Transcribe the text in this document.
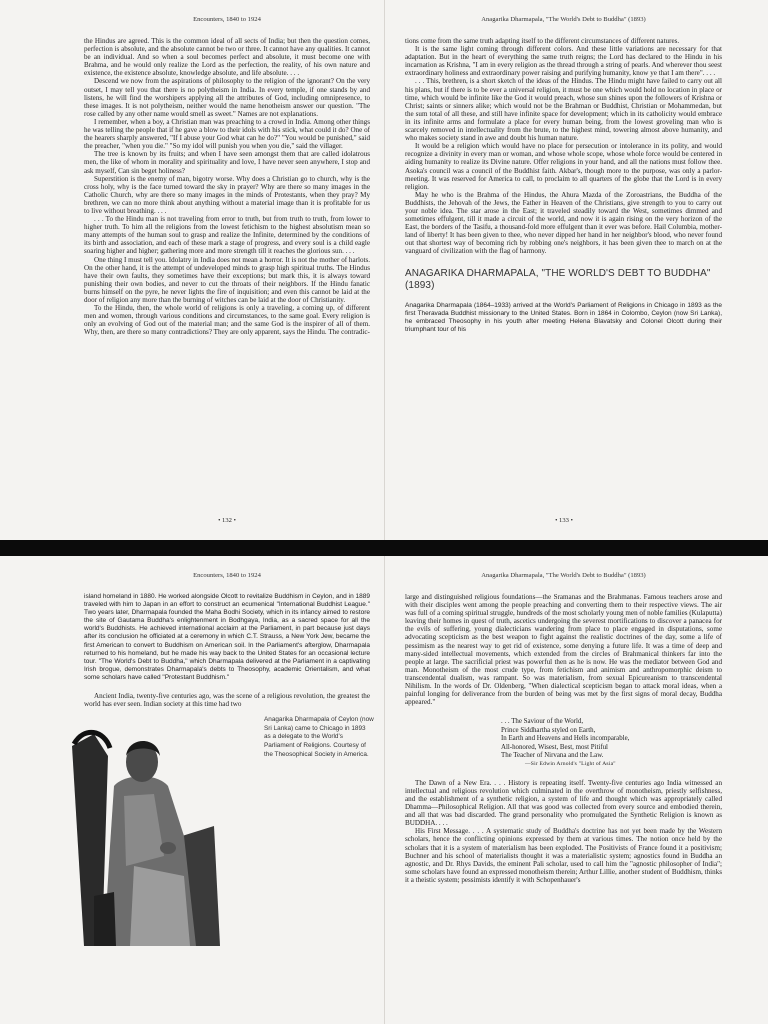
Encounters, 1840 to 1924

the Hindus are agreed. This is the common ideal of all sects of India; but then the question comes, perfection is absolute, and the absolute cannot be two or three. It cannot have any qualities. It cannot be an individual. And so when a soul becomes perfect and absolute, it must become one with Brahma, and he would only realize the Lord as the perfection, the reality, of his own nature and existence, the existence absolute, knowledge absolute, and life absolute. . . .

Descend we now from the aspirations of philosophy to the religion of the ignorant? On the very outset, I may tell you that there is no polytheism in India. In every temple, if one stands by and listens, he will find the worshipers applying all the attributes of God, including omnipresence, to these images. It is not polytheism, neither would the name henotheism answer our question. "The rose called by any other name would smell as sweet." Names are not explanations.

I remember, when a boy, a Christian man was preaching to a crowd in India. Among other things he was telling the people that if he gave a blow to their idols with his stick, what could it do? One of the hearers sharply answered, "If I abuse your God what can he do?" "You would be punished," said the preacher, "when you die." "So my idol will punish you when you die," said the villager.

The tree is known by its fruits; and when I have seen amongst them that are called idolatrous men, the like of whom in morality and spirituality and love, I have never seen anywhere, I stop and ask myself, Can sin beget holiness?

Superstition is the enemy of man, bigotry worse. Why does a Christian go to church, why is the cross holy, why is the face turned toward the sky in prayer? Why are there so many images in the Catholic Church, why are there so many images in the minds of Protestants, when they pray? My brethren, we can no more think about anything without a material image than it is profitable for us to live without breathing. . . .

. . . To the Hindu man is not traveling from error to truth, but from truth to truth, from lower to higher truth. To him all the religions from the lowest fetichism to the highest absolutism mean so many attempts of the human soul to grasp and realize the Infinite, determined by the conditions of its birth and association, and each of these mark a stage of progress, and every soul is a child eagle soaring higher and higher; gathering more and more strength till it reaches the glorious sun. . . .

One thing I must tell you. Idolatry in India does not mean a horror. It is not the mother of harlots. On the other hand, it is the attempt of undeveloped minds to grasp high spiritual truths. The Hindus have their own faults, they sometimes have their exceptions; but mark this, it is always toward punishing their own bodies, and never to cut the throats of their neighbors. If the Hindu fanatic burns himself on the pyre, he never lights the fire of inquisition; and even this cannot be laid at the door of religion any more than the burning of witches can be laid at the door of Christianity.

To the Hindu, then, the whole world of religions is only a traveling, a coming up, of different men and women, through various conditions and circumstances, to the same goal. Every religion is only an evolving of God out of the material man; and the same God is the inspirer of all of them. Why, then, are there so many contradictions? They are only apparent, says the Hindu. The contradic-

• 132 •
Anagarika Dharmapala, "The World's Debt to Buddha" (1893)

tions come from the same truth adapting itself to the different circumstances of different natures.

It is the same light coming through different colors. And these little variations are necessary for that adaptation. But in the heart of everything the same truth reigns; the Lord has declared to the Hindu in his incarnation as Krishna, "I am in every religion as the thread through a string of pearls. And wherever thou seest extraordinary holiness and extraordinary power raising and purifying humanity, know ye that I am there". . . .

. . . This, brethren, is a short sketch of the ideas of the Hindus. The Hindu might have failed to carry out all his plans, but if there is to be ever a universal religion, it must be one which would hold no location in place or time, which would be infinite like the God it would preach, whose sun shines upon the followers of Krishna or Christ; saints or sinners alike; which would not be the Brahman or Buddhist, Christian or Mohammedan, but the sum total of all these, and still have infinite space for development; which in its catholicity would embrace in its infinite arms and formulate a place for every human being, from the lowest groveling man who is scarcely removed in intellectuality from the brute, to the highest mind, towering almost above humanity, and who makes society stand in awe and doubt his human nature.

It would be a religion which would have no place for persecution or intolerance in its polity, and would recognize a divinity in every man or woman, and whose whole scope, whose whole force would be centered in aiding humanity to realize its Divine nature. Offer religions in your hand, and all the nations must follow thee. Asoka's council was a council of the Buddhist faith. Akbar's, though more to the purpose, was only a parlor-meeting. It was reserved for America to call, to proclaim to all quarters of the globe that the Lord is in every religion.

May he who is the Brahma of the Hindus, the Ahura Mazda of the Zoroastrians, the Buddha of the Buddhists, the Jehovah of the Jews, the Father in Heaven of the Christians, give strength to you to carry out your noble idea. The star arose in the East; it traveled steadily toward the West, sometimes dimmed and sometimes effulgent, till it made a circuit of the world, and now it is again rising on the very horizon of the East, the borders of the Tasifu, a thousand-fold more effulgent than it ever was before. Hail Columbia, mother-land of liberty! It has been given to thee, who never dipped her hand in her neighbor's blood, who never found out that shortest way of becoming rich by robbing one's neighbors, it has been given thee to march on at the vanguard of civilization with the flag of harmony.

ANAGARIKA DHARMAPALA, "THE WORLD'S DEBT TO BUDDHA" (1893)
Anagarika Dharmapala (1864–1933) arrived at the World's Parliament of Religions in Chicago in 1893 as the first Theravada Buddhist missionary to the United States. Born in 1864 in Colombo, Ceylon (now Sri Lanka), he embraced Theosophy in his youth after meeting Helena Blavatsky and Colonel Olcott during their triumphant tour of his
• 133 •
Encounters, 1840 to 1924
island homeland in 1880. He worked alongside Olcott to revitalize Buddhism in Ceylon, and in 1889 traveled with him to Japan in an effort to construct an ecumenical "International Buddhist League." Two years later, Dharmapala founded the Maha Bodhi Society, which in its infancy aimed to restore the site of Gautama Buddha's enlightenment in Bodhgaya, India, as a sacred space for all the world's Buddhists. He achieved international acclaim at the Parliament, in part because just days after its conclusion he officiated at a ceremony in which C.T. Strauss, a New York Jew, became the first American to convert to Buddhism on American soil. In the Parliament's afterglow, Dharmapala returned to his homeland, but he made his way back to the United States for an occasional lecture tour. "The World's Debt to Buddha," which Dharmapala delivered at the Parliament in a captivating Irish brogue, demonstrates Dharmapala's debts to Theosophy, academic Orientalism, and what some scholars have called "Protestant Buddhism."

Ancient India, twenty-five centuries ago, was the scene of a religious revolution, the greatest the world has ever seen. Indian society at this time had two

Anagarika Dharmapala of Ceylon (now Sri Lanka) came to Chicago in 1893 as a delegate to the World's Parliament of Religions. Courtesy of the Theosophical Society in America.
Anagarika Dharmapala, "The World's Debt to Buddha" (1893)

large and distinguished religious foundations—the Sramanas and the Brahmanas. Famous teachers arose and with their disciples went among the people preaching and converting them to their respective views. The air was full of a coming spiritual struggle, hundreds of the most scholarly young men of noble families (Kulaputta) leaving their homes in quest of truth, ascetics undergoing the severest mortifications to discover a panacea for the evils of suffering, young dialecticians wandering from place to place engaged in disputations, some advocating scepticism as the best weapon to fight against the realistic doctrines of the day, some a life of pessimism as the nearest way to get rid of existence, some denying a future life. It was a time of deep and many-sided intellectual movements, which extended from the circles of Brahmanical thinkers far into the people at large. The sacrificial priest was powerful then as he is now. He was the mediator between God and man. Monotheism of the most crude type, from fetichism and animism and anthropomorphic deism to transcendental dualism, was rampant. So was materialism, from sexual Epicureanism to transcendental Nihilism. In the words of Dr. Oldenberg, "When dialectical scepticism began to attack moral ideas, when a painful longing for deliverance from the burden of being was met by the first signs of moral decay, Buddha appeared."

. . . The Saviour of the World,
Prince Siddhartha styled on Earth,
In Earth and Heavens and Hells incomparable,
All-honored, Wisest, Best, most Pitiful
The Teacher of Nirvana and the Law.
—Sir Edwin Arnold's "Light of Asia"

The Dawn of a New Era. . . . History is repeating itself. Twenty-five centuries ago India witnessed an intellectual and religious revolution which culminated in the overthrow of monotheism, priestly selfishness, and the establishment of a synthetic religion, a system of life and thought which was appropriately called Dhamma—Philosophical Religion. All that was good was collected from every source and embodied therein, and all that was bad discarded. The grand personality who promulgated the Synthetic Religion is known as BUDDHA. . . .

His First Message. . . . A systematic study of Buddha's doctrine has not yet been made by the Western scholars, hence the conflicting opinions expressed by them at various times. The notion once held by the scholars that it is a system of materialism has been exploded. The Positivists of France found it a positivism; Buchner and his school of materialists thought it was a materialistic system; agnostics found in Buddha an agnostic, and Dr. Rhys Davids, the eminent Pali scholar, used to call him the "agnostic philosopher of India"; some scholars have found an expressed monotheism therein; Arthur Lillie, another student of Buddhism, thinks it a theistic system; pessimists identify it with Schopenhauer's
